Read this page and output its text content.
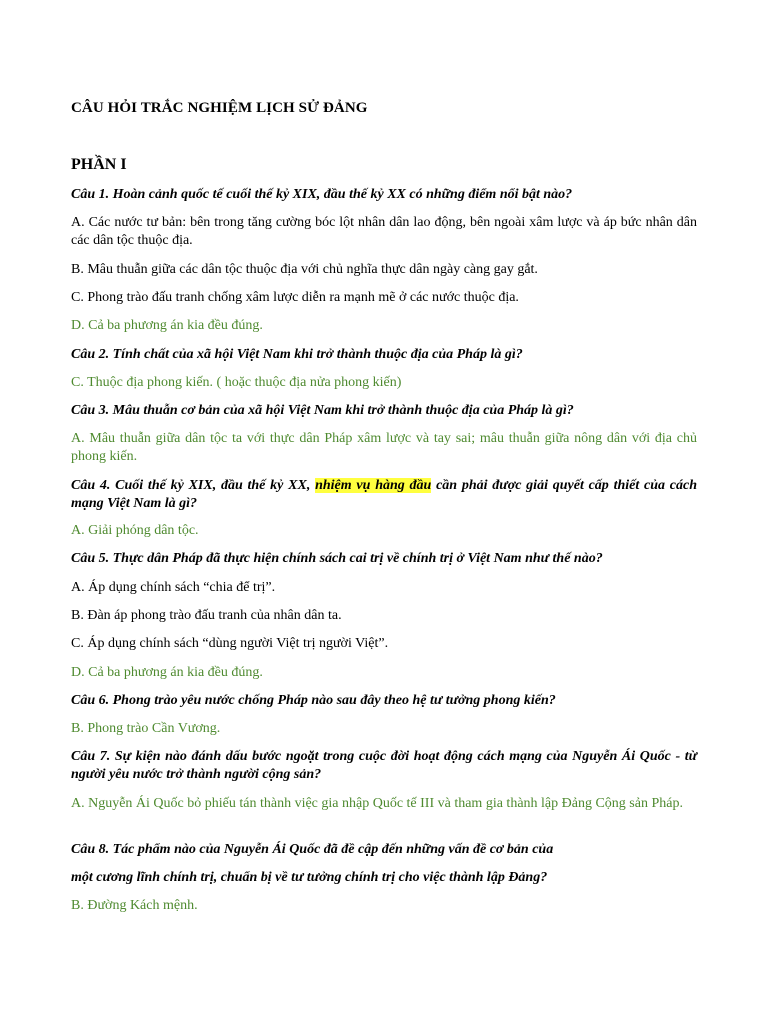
CÂU HỎI TRẮC NGHIỆM LỊCH SỬ ĐẢNG
PHẦN I
Câu 1. Hoàn cảnh quốc tế cuối thế kỷ XIX, đầu thế kỷ XX có những điểm nổi bật nào?
A. Các nước tư bản: bên trong tăng cường bóc lột nhân dân lao động, bên ngoài xâm lược và áp bức nhân dân các dân tộc thuộc địa.
B. Mâu thuẫn giữa các dân tộc thuộc địa với chủ nghĩa thực dân ngày càng gay gắt.
C. Phong trào đấu tranh chống xâm lược diễn ra mạnh mẽ ở các nước thuộc địa.
D. Cả ba phương án kia đều đúng.
Câu 2. Tính chất của xã hội Việt Nam khi trở thành thuộc địa của Pháp là gì?
C. Thuộc địa phong kiến. ( hoặc thuộc địa nửa phong kiến)
Câu 3. Mâu thuẫn cơ bản của xã hội Việt Nam khi trở thành thuộc địa của Pháp là gì?
A. Mâu thuẫn giữa dân tộc ta với thực dân Pháp xâm lược và tay sai; mâu thuẫn giữa nông dân với địa chủ phong kiến.
Câu 4. Cuối thế kỷ XIX, đầu thế kỷ XX, nhiệm vụ hàng đầu cần phải được giải quyết cấp thiết của cách mạng Việt Nam là gì?
A. Giải phóng dân tộc.
Câu 5. Thực dân Pháp đã thực hiện chính sách cai trị về chính trị ở Việt Nam như thế nào?
A. Áp dụng chính sách “chia để trị”.
B. Đàn áp phong trào đấu tranh của nhân dân ta.
C. Áp dụng chính sách “dùng người Việt trị người Việt”.
D. Cả ba phương án kia đều đúng.
Câu 6. Phong trào yêu nước chống Pháp nào sau đây theo hệ tư tưởng phong kiến?
B. Phong trào Cần Vương.
Câu 7. Sự kiện nào đánh dấu bước ngoặt trong cuộc đời hoạt động cách mạng của Nguyễn Ái Quốc - từ người yêu nước trở thành người cộng sản?
A. Nguyễn Ái Quốc bỏ phiếu tán thành việc gia nhập Quốc tế III và tham gia thành lập Đảng Cộng sản Pháp.
Câu 8. Tác phẩm nào của Nguyễn Ái Quốc đã đề cập đến những vấn đề cơ bản của
một cương lĩnh chính trị, chuẩn bị về tư tưởng chính trị cho việc thành lập Đảng?
B. Đường Kách mệnh.
